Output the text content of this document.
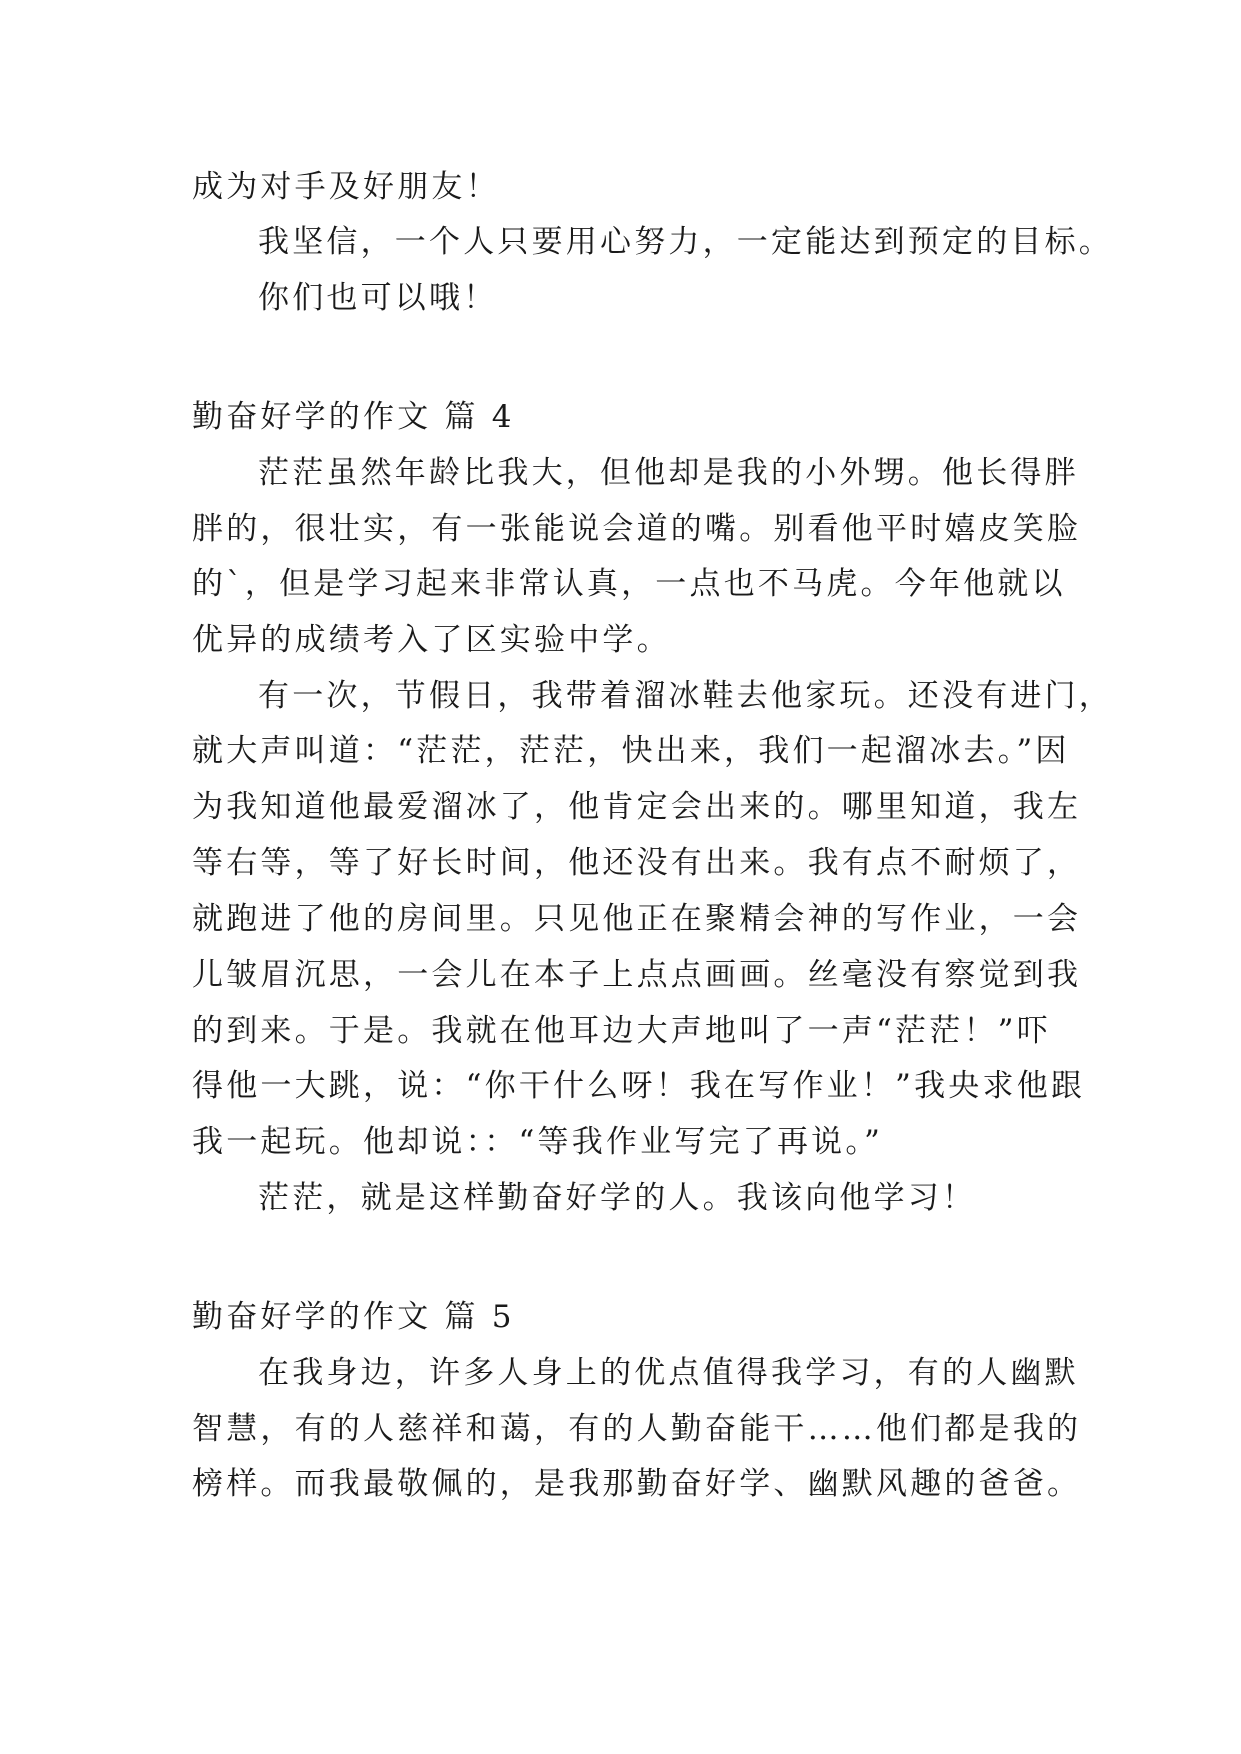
成为对手及好朋友！
我坚信，一个人只要用心努力，一定能达到预定的目标。
你们也可以哦！
勤奋好学的作文 篇 4
茫茫虽然年龄比我大，但他却是我的小外甥。他长得胖
胖的，很壮实，有一张能说会道的嘴。别看他平时嬉皮笑脸
的`，但是学习起来非常认真，一点也不马虎。今年他就以
优异的成绩考入了区实验中学。
有一次，节假日，我带着溜冰鞋去他家玩。还没有进门，
就大声叫道：“茫茫，茫茫，快出来，我们一起溜冰去。”因
为我知道他最爱溜冰了，他肯定会出来的。哪里知道，我左
等右等，等了好长时间，他还没有出来。我有点不耐烦了，
就跑进了他的房间里。只见他正在聚精会神的写作业，一会
儿皱眉沉思，一会儿在本子上点点画画。丝毫没有察觉到我
的到来。于是。我就在他耳边大声地叫了一声“茫茫！”吓
得他一大跳，说：“你干什么呀！我在写作业！”我央求他跟
我一起玩。他却说：：“等我作业写完了再说。”
茫茫，就是这样勤奋好学的人。我该向他学习！
勤奋好学的作文 篇 5
在我身边，许多人身上的优点值得我学习，有的人幽默
智慧，有的人慈祥和蔼，有的人勤奋能干……他们都是我的
榜样。而我最敬佩的，是我那勤奋好学、幽默风趣的爸爸。
